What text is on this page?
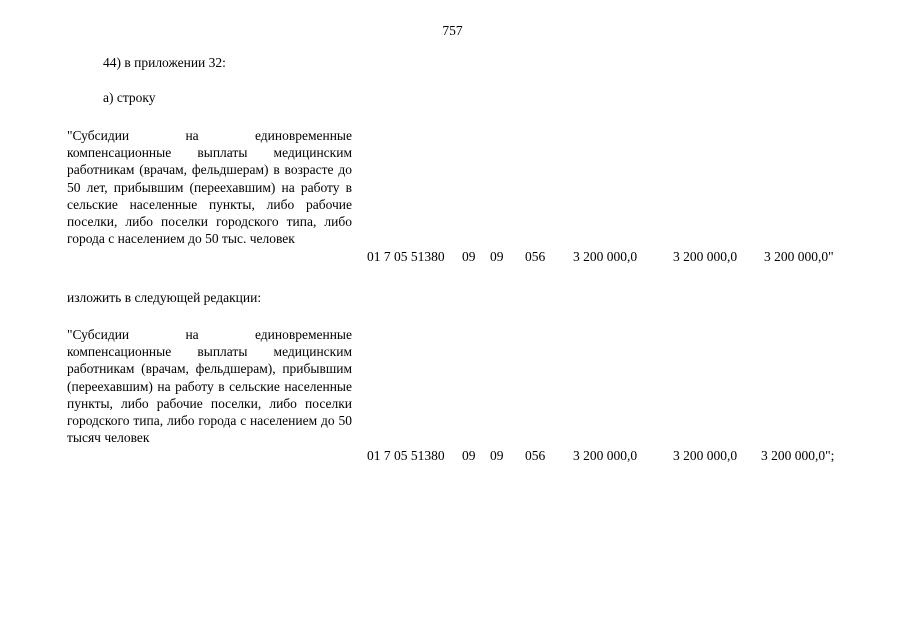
757
44) в приложении 32:
а) строку
"Субсидии на единовременные компенсационные выплаты медицинским работникам (врачам, фельдшерам) в возрасте до 50 лет, прибывшим (переехавшим) на работу в сельские населенные пункты, либо рабочие поселки, либо поселки городского типа, либо города с населением до 50 тыс. человек
01 7 05 51380 09 09 056 3 200 000,0	3 200 000,0 3 200 000,0"
изложить в следующей редакции:
"Субсидии на единовременные компенсационные выплаты медицинским работникам (врачам, фельдшерам), прибывшим (переехавшим) на работу в сельские населенные пункты, либо рабочие поселки, либо поселки городского типа, либо города с населением до 50 тысяч человек
01 7 05 51380 09 09 056 3 200 000,0	3 200 000,0 3 200 000,0";
